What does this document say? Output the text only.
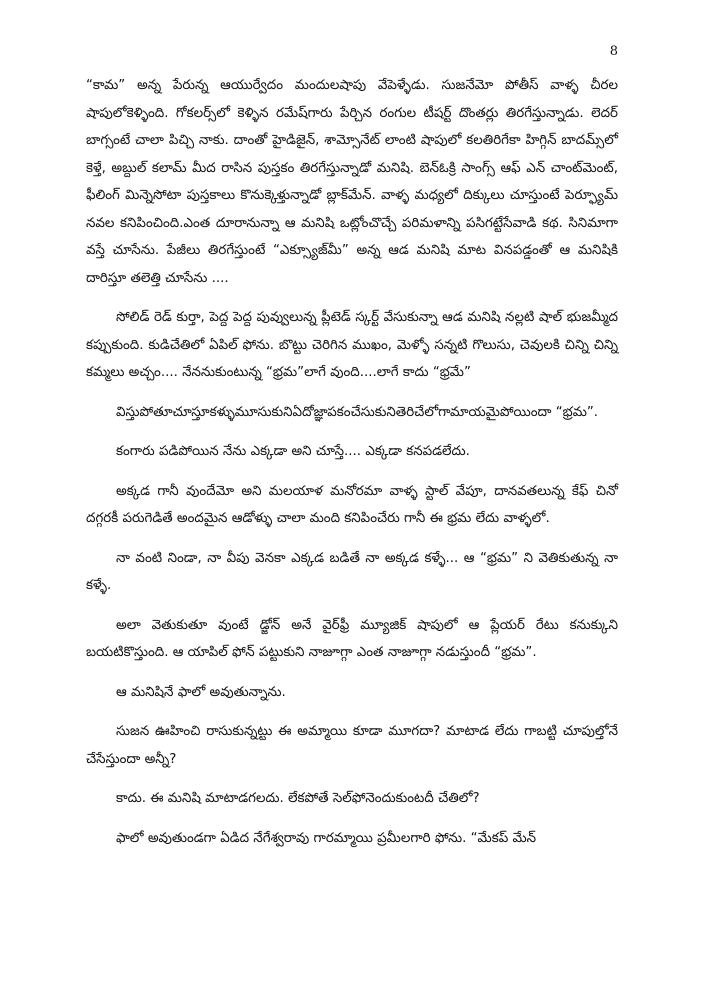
8

“కామ” అన్న పేరున్న ఆయుర్వేదం మందులషాపు వేపెళ్ళేడు. సుజనేమో పోతీస్ వాళ్ళ చీరల షాపులోకెళ్ళింది. గోకలర్స్‌లో కెళ్ళిన రమేష్‌గారు పేర్చిన రంగుల టీషర్ట్ దొంతర్లు తిరగేస్తున్నాడు. లెదర్ బాగ్సంటే చాలా పిచ్చి నాకు. దాంతో హైడిజైన్, శామ్సోనేట్ లాంటి షాపులో కలతిరిగేకా హిగ్గిన్ బాదమ్స్‌లో కెళ్తే, అబ్దుల్ కలామ్ మీద రాసిన పుస్తకం తిరగేస్తున్నాడో మనిషి. బెన్‌ఓక్రి సాంగ్స్ ఆఫ్ ఎన్ చాంట్‌మెంట్, ఫీలింగ్ మిన్నెసోటా పుస్తకాలు కొనుక్కెళ్తున్నాడో బ్లాక్‌మేన్. వాళ్ళ మధ్యలో దిక్కులు చూస్తుంటే పెర్ఫ్యూమ్ నవల కనిపించింది.ఎంత దూరానున్నా ఆ మనిషి ఒట్లోంచొచ్చే పరిమళాన్ని పసిగట్టేసేవాడి కథ. సినిమాగా వస్తే చూసేను. పేజీలు తిరగేస్తుంటే “ఎక్స్యూజ్‌మీ” అన్న ఆడ మనిషి మాట వినపడ్డంతో ఆ మనిషికి దారిస్తూ తలెత్తి చూసేను ....

సోలిడ్ రెడ్ కుర్తా, పెద్ద పెద్ద పువ్వులున్న ప్లీటెడ్ స్కర్ట్ వేసుకున్నా ఆడ మనిషి నల్లటి షాల్ భుజమ్మీద కప్పుకుంది. కుడిచేతిలో ఏపిల్ ఫోను. బొట్టు చెరిగిన ముఖం, మెళ్ళో సన్నటి గొలుసు, చెవులకి చిన్ని చిన్ని కమ్మలు అచ్చం.... నేననుకుంటున్న “భ్రమ”లాగే వుంది....లాగే కాదు “భ్రమే”

విస్తుపోతూచూస్తూకళ్ళుమూసుకునిఏదోజ్ఞాపకంచేసుకునితెరిచేలోగామాయమైపోయిందా “భ్రమ”.

కంగారు పడిపోయిన నేను ఎక్కడా అని చూస్తే.... ఎక్కడా కనపడలేదు.

అక్కడ గానీ వుందేమో అని మలయాళ మనోరమా వాళ్ళ స్టాల్ వేపూ, దానవతలున్న కేఫ్ చినో దగ్గరకీ పరుగెడితే అందమైన ఆడోళ్ళు చాలా మంది కనిపించేరు గానీ ఈ భ్రమ లేదు వాళ్ళలో.

నా వంటి నిండా, నా వీపు వెనకా ఎక్కడ బడితే నా అక్కడ కళ్ళే... ఆ “భ్రమ” ని వెతికుతున్న నా కళ్ళే.

అలా వెతుకుతూ వుంటే డ్జోన్ అనే వైర్‌ఫ్రీ మ్యూజిక్ షాపులో ఆ ప్లేయర్ రేటు కనుక్కుని బయటికొస్తుంది. ఆ యాపిల్ ఫోన్ పట్టుకుని నాజూగ్గా ఎంత నాజూగ్గా నడుస్తుందీ “భ్రమ”.

ఆ మనిషినే ఫాలో అవుతున్నాను.

సుజన ఊహించి రాసుకున్నట్టు ఈ అమ్మాయి కూడా మూగదా? మాటాడ లేదు గాబట్టి చూపుల్తోనే చేసేస్తుందా అన్నీ?

కాదు. ఈ మనిషి మాటాడగలదు. లేకపోతే సెల్‌ఫోనెందుకుంటదీ చేతిలో?

ఫాలో అవుతుండగా ఏడిద నేగేశ్వరావు గారమ్మాయి ప్రమీలగారి ఫోను. “మేకప్ మేన్
